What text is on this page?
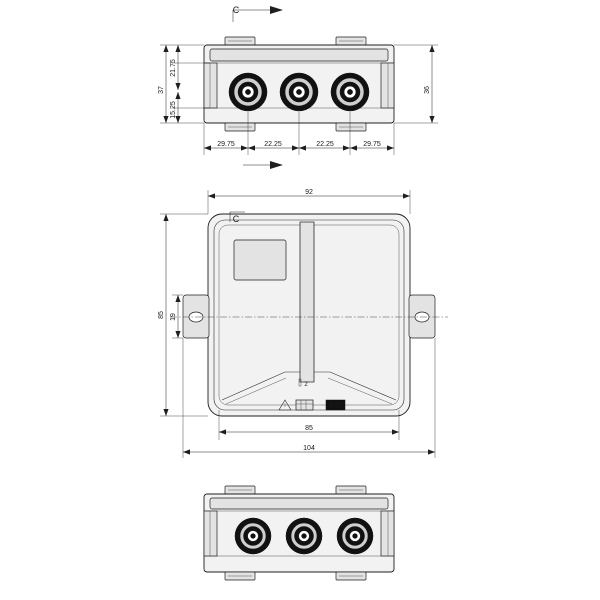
C
37
21.75
15.25
36
29.75	22.25	22.25	29.75
92
C
2
IP55
85 19
85
104
